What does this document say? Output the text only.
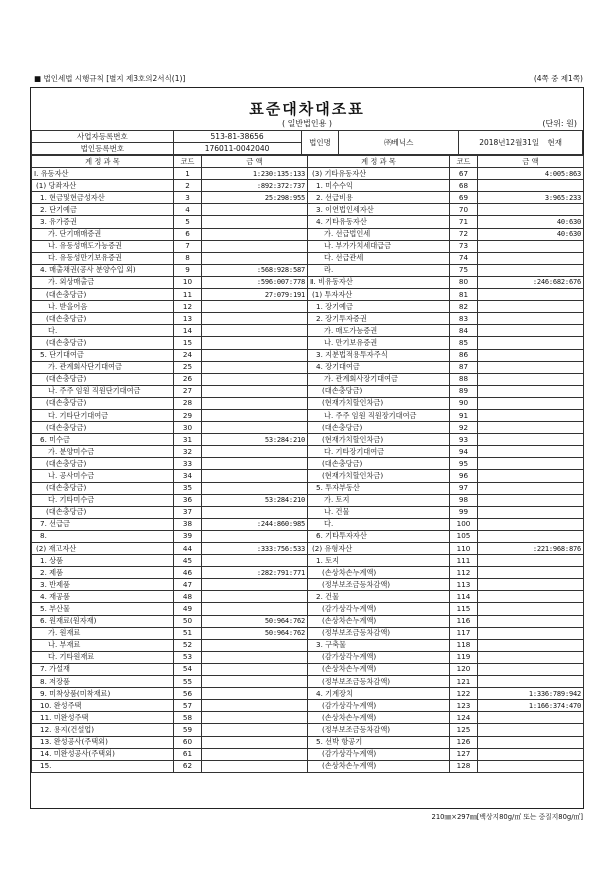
■ 법인세법 시행규칙 [별지 제3호의2서식(1)]	(4쪽 중 제1쪽)
표준대차대조표
( 일반법인용 )	(단위: 원)
사업자등록번호	513-81-38656	법인명	㈜베닉스	2018년12월31일 현재
법인등록번호	176011-0042040			
계 정 과 목	코드	금 액	계 정 과 목	코드	금 액
Ⅰ. 유동자산	1	1:230:135:133	(3) 기타유동자산	67	4:005:863
(1) 당좌자산	2	:892:372:737	1. 미수수익	68	
1. 현금및현금성자산	3	25:298:955	2. 선급비용	69	3:965:233
2. 단기예금	4		3. 이연법인세자산	70	
3. 유가증권	5		4. 기타유동자산	71	40:630
가. 단기매매증권	6		가. 선급법인세	72	40:630
나. 유동성매도가능증권	7		나. 부가가치세대급금	73	
다. 유동성만기보유증권	8		다. 선급관세	74	
4. 매출채권(공사 분양수입 외)	9	:568:928:587	라.	75	
가. 외상매출금	10	:596:007:778	Ⅱ. 비유동자산	80	:246:682:676
(대손충당금)	11	27:079:191	(1) 투자자산	81	
나. 받을어음	12		1. 장기예금	82	
(대손충당금)	13		2. 장기투자증권	83	
다.	14		가. 매도가능증권	84	
(대손충당금)	15		나. 만기보유증권	85	
5. 단기대여금	24		3. 지분법적용투자주식	86	
가. 관계회사단기대여금	25		4. 장기대여금	87	
(대손충당금)	26		가. 관계회사장기대여금	88	
나. 주주 임원 직원단기대여금	27		(대손충당금)	89	
(대손충당금)	28		(현재가치할인차금)	90	
다. 기타단기대여금	29		나. 주주 임원 직원장기대여금	91	
(대손충당금)	30		(대손충당금)	92	
6. 미수금	31	53:284:210	(현재가치할인차금)	93	
가. 분양미수금	32		다. 기타장기대여금	94	
(대손충당금)	33		(대손충당금)	95	
나. 공사미수금	34		(현재가치할인차금)	96	
(대손충당금)	35		5. 투자부동산	97	
다. 기타미수금	36	53:284:210	가. 토지	98	
(대손충당금)	37		나. 건물	99	
7. 선급금	38	:244:860:985	다.	100	
8.	39		6. 기타투자자산	105	
(2) 재고자산	44	:333:756:533	(2) 유형자산	110	:221:968:876
1. 상품	45		1. 토지	111	
2. 제품	46	:282:791:771	(손상차손누계액)	112	
3. 반제품	47		(정부보조금등차감액)	113	
4. 재공품	48		2. 건물	114	
5. 부산물	49		(감가상각누계액)	115	
6. 원재료(원자재)	50	50:964:762	(손상차손누계액)	116	
가. 원재료	51	50:964:762	(정부보조금등차감액)	117	
나. 부재료	52		3. 구축물	118	
다. 기타원재료	53		(감가상각누계액)	119	
7. 가설재	54		(손상차손누계액)	120	
8. 저장품	55		(정부보조금등차감액)	121	
9. 미착상품(미착재료)	56		4. 기계장치	122	1:336:789:942
10. 완성주택	57		(감가상각누계액)	123	1:166:374:470
11. 미완성주택	58		(손상차손누계액)	124	
12. 용지(건설업)	59		(정부보조금등차감액)	125	
13. 완성공사(주택외)	60		5. 선박 항공기	126	
14. 미완성공사(주택외)	61		(감가상각누계액)	127	
15.	62		(손상차손누계액)	128	
210㎜×297㎜[백상지80g/㎡ 또는 중질지80g/㎡]
